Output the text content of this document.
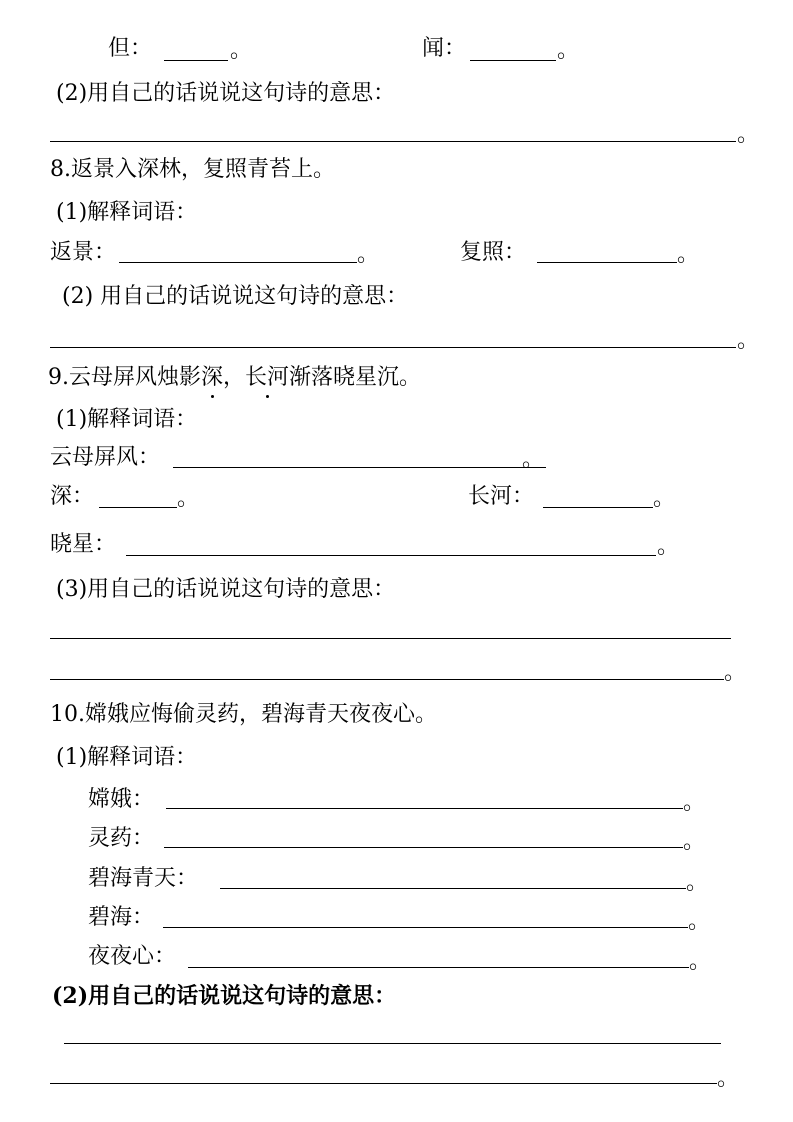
但：	。	闻：	。
(2)用自己的话说说这句诗的意思：
。
8.返景入深林，复照青苔上。
(1)解释词语：
返景：	。	复照：	。
(2) 用自己的话说说这句诗的意思：
。
9.云母屏风烛影深，长河渐落晓星沉。
(1)解释词语：
云母屏风：	。
深：	。	长河：	。
晓星：	。
(3)用自己的话说说这句诗的意思：
。
10.嫦娥应悔偷灵药，碧海青天夜夜心。
(1)解释词语：
嫦娥：	。
灵药：	。
碧海青天：	。
碧海：	。
夜夜心：	。
(2)用自己的话说说这句诗的意思：
。
